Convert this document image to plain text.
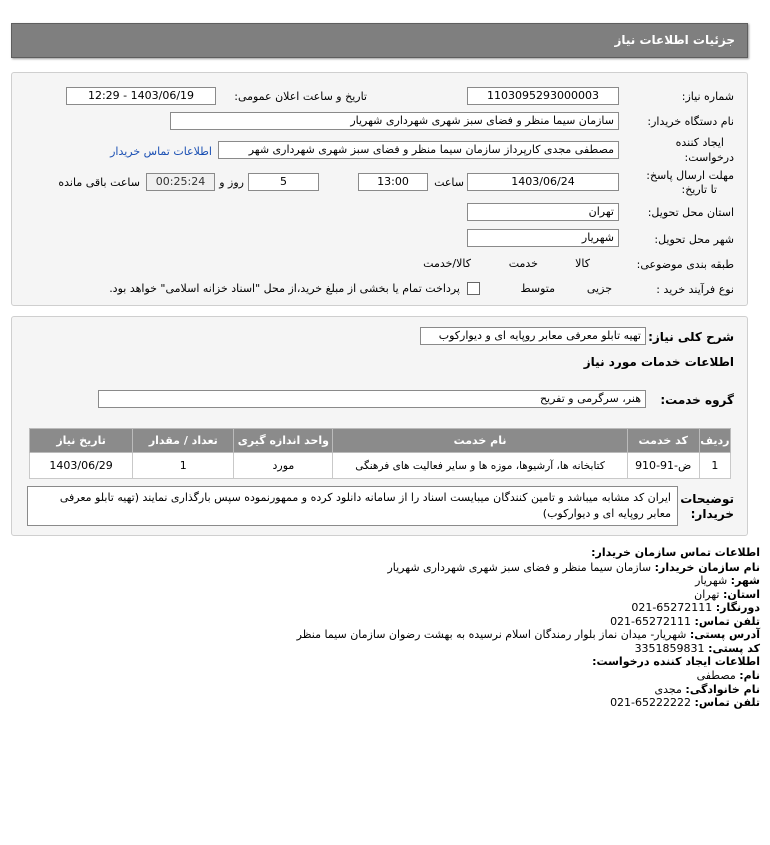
جزئیات اطلاعات نیاز
شماره نیاز:
1103095293000003
تاریخ و ساعت اعلان عمومی:
1403/06/19 - 12:29
نام دستگاه خریدار:
سازمان سیما منظر و فضای سبز شهری شهرداری شهریار
ایجاد کننده
درخواست:
مصطفی مجدی کارپرداز سازمان سیما منظر و فضای سبز شهری شهرداری شهر
اطلاعات تماس خریدار
مهلت ارسال پاسخ:
تا تاریخ:
1403/06/24
ساعت
13:00
5
روز و
00:25:24
ساعت باقی مانده
استان محل تحویل:
تهران
شهر محل تحویل:
شهریار
طبقه بندی موضوعی:

کالا

خدمت

کالا/خدمت
نوع فرآیند خرید :

جزیی
متوسط
پرداخت تمام یا بخشی از مبلغ خرید،از محل "اسناد خزانه اسلامی" خواهد بود.
شرح کلی نیاز:
تهیه تابلو معرفی معابر رو‌پایه ای و دیوارکوب
اطلاعات خدمات مورد نیاز
گروه خدمت:
هنر، سرگرمی و تفریح
ردیف	کد خدمت	نام خدمت	واحد اندازه گیری	تعداد / مقدار	تاریخ نیاز
1	ض-91-910	کتابخانه ها، آرشیوها، موزه ها و سایر فعالیت های فرهنگی	مورد	1	1403/06/29
توضیحات
خریدار:
ایران کد مشابه میباشد و تامین کنندگان میبایست اسناد را از سامانه دانلود کرده و ممهورنموده سپس بارگذاری نمایند (تهیه تابلو معرفی معابر روپایه ای و دیوارکوب)
اطلاعات تماس سازمان خریدار:
نام سازمان خریدار: سازمان سیما منظر و فضای سبز شهری شهرداری شهریار
شهر: شهریار
استان: تهران
دورنگار: 021-65272111
تلفن تماس: 021-65272111
آدرس پستی: شهریار- میدان نماز بلوار رمندگان اسلام نرسیده به بهشت رضوان سازمان سیما منظر
کد پستی: 3351859831
اطلاعات ایجاد کننده درخواست:
نام: مصطفی
نام خانوادگی: مجدی
تلفن تماس: 021-65222222
